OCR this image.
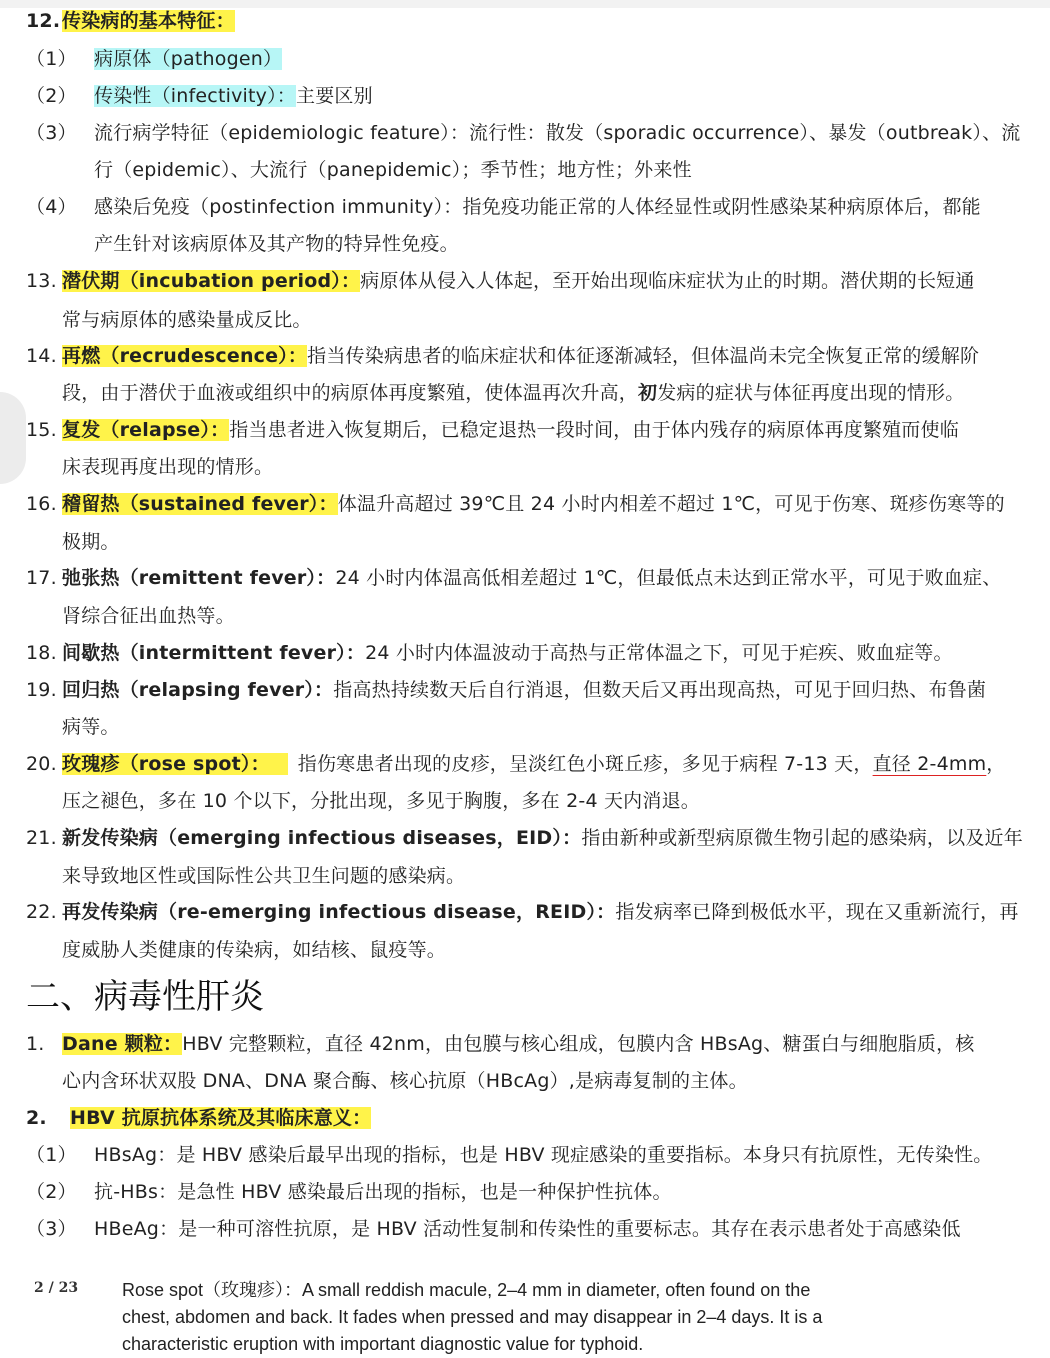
12.传染病的基本特征：
（1） 病原体（pathogen）
（2） 传染性（infectivity）：主要区别
（3） 流行病学特征（epidemiologic feature）：流行性：散发（sporadic occurrence）、暴发（outbreak）、流
行（epidemic）、大流行（panepidemic）；季节性；地方性；外来性
（4） 感染后免疫（postinfection immunity）：指免疫功能正常的人体经显性或阴性感染某种病原体后，都能
产生针对该病原体及其产物的特异性免疫。
13. 潜伏期（incubation period）：病原体从侵入人体起，至开始出现临床症状为止的时期。潜伏期的长短通
常与病原体的感染量成反比。
14. 再燃（recrudescence）：指当传染病患者的临床症状和体征逐渐减轻，但体温尚未完全恢复正常的缓解阶
段，由于潜伏于血液或组织中的病原体再度繁殖，使体温再次升高，初发病的症状与体征再度出现的情形。
15. 复发（relapse）：指当患者进入恢复期后，已稳定退热一段时间，由于体内残存的病原体再度繁殖而使临
床表现再度出现的情形。
16. 稽留热（sustained fever）：体温升高超过 39℃且 24 小时内相差不超过 1℃，可见于伤寒、斑疹伤寒等的
极期。
17. 弛张热（remittent fever）：24 小时内体温高低相差超过 1℃，但最低点未达到正常水平，可见于败血症、
肾综合征出血热等。
18. 间歇热（intermittent fever）：24 小时内体温波动于高热与正常体温之下，可见于疟疾、败血症等。
19. 回归热（relapsing fever）：指高热持续数天后自行消退，但数天后又再出现高热，可见于回归热、布鲁菌
病等。
20. 玫瑰疹（rose spot）： 指伤寒患者出现的皮疹，呈淡红色小斑丘疹，多见于病程 7-13 天，直径 2-4mm，
压之褪色，多在 10 个以下，分批出现，多见于胸腹，多在 2-4 天内消退。
21. 新发传染病（emerging infectious diseases，EID）：指由新种或新型病原微生物引起的感染病，以及近年
来导致地区性或国际性公共卫生问题的感染病。
22. 再发传染病（re-emerging infectious disease，REID）：指发病率已降到极低水平，现在又重新流行，再
度威胁人类健康的传染病，如结核、鼠疫等。
二、病毒性肝炎
1. Dane 颗粒：HBV 完整颗粒，直径 42nm，由包膜与核心组成，包膜内含 HBsAg、糖蛋白与细胞脂质，核
心内含环状双股 DNA、DNA 聚合酶、核心抗原（HBcAg）,是病毒复制的主体。
2. HBV 抗原抗体系统及其临床意义：
（1） HBsAg：是 HBV 感染后最早出现的指标，也是 HBV 现症感染的重要指标。本身只有抗原性，无传染性。
（2） 抗-HBs：是急性 HBV 感染最后出现的指标，也是一种保护性抗体。
（3） HBeAg：是一种可溶性抗原，是 HBV 活动性复制和传染性的重要标志。其存在表示患者处于高感染低
2 / 23 Rose spot（玫瑰疹）：A small reddish macule, 2–4 mm in diameter, often found on the
chest, abdomen and back. It fades when pressed and may disappear in 2–4 days. It is a
characteristic eruption with important diagnostic value for typhoid.
